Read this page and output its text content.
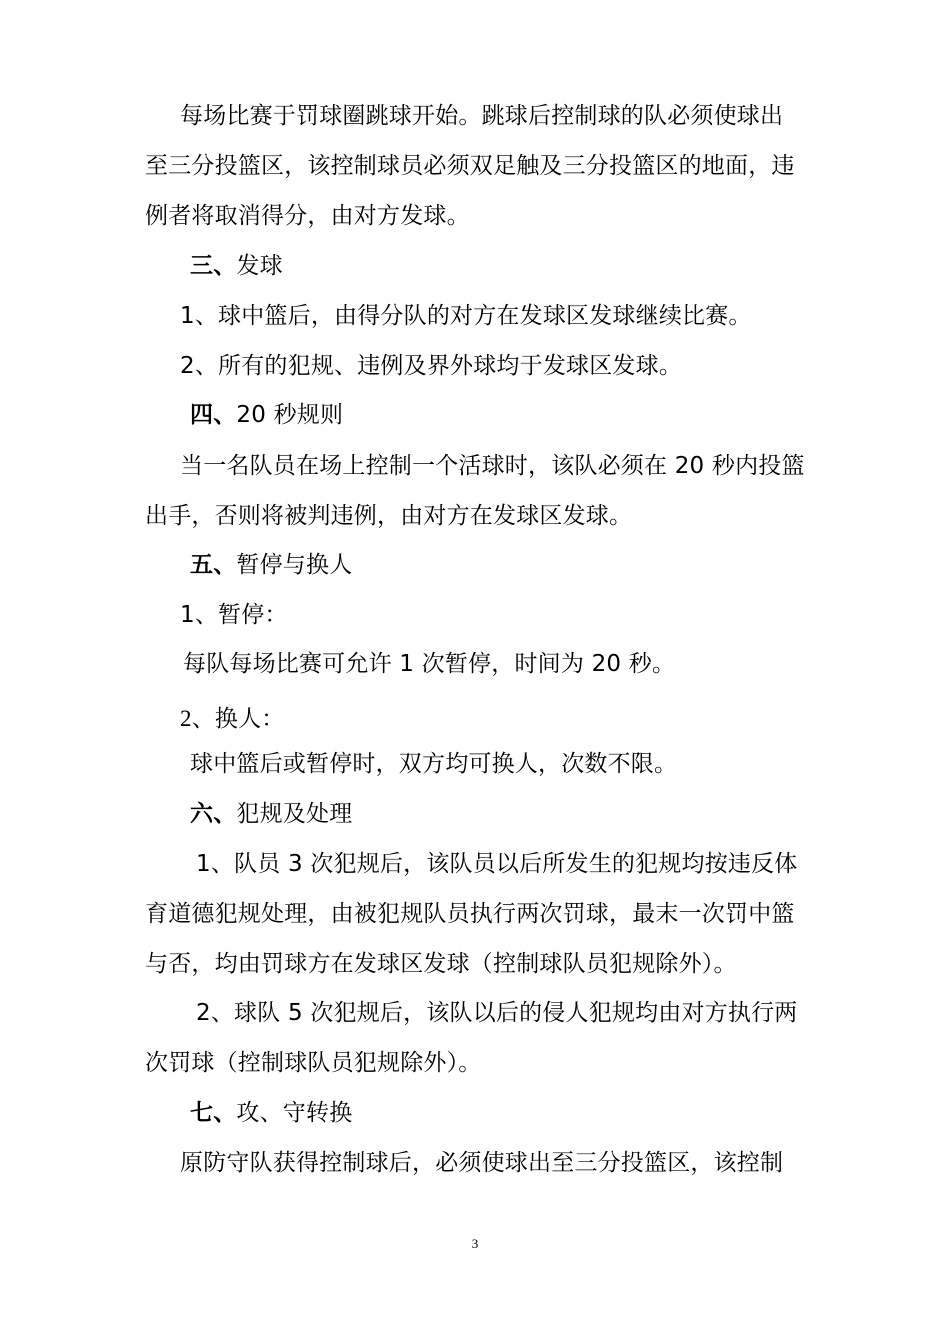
每场比赛于罚球圈跳球开始。跳球后控制球的队必须使球出
至三分投篮区，该控制球员必须双足触及三分投篮区的地面，违
例者将取消得分，由对方发球。
三、发球
1、球中篮后，由得分队的对方在发球区发球继续比赛。
2、所有的犯规、违例及界外球均于发球区发球。
四、20 秒规则
当一名队员在场上控制一个活球时，该队必须在 20 秒内投篮
出手，否则将被判违例，由对方在发球区发球。
五、暂停与换人
1、暂停：
每队每场比赛可允许 1 次暂停，时间为 20 秒。
2、换人：
球中篮后或暂停时，双方均可换人，次数不限。
六、犯规及处理
1、队员 3 次犯规后，该队员以后所发生的犯规均按违反体
育道德犯规处理，由被犯规队员执行两次罚球，最末一次罚中篮
与否，均由罚球方在发球区发球（控制球队员犯规除外）。
2、球队 5 次犯规后，该队以后的侵人犯规均由对方执行两
次罚球（控制球队员犯规除外）。
七、攻、守转换
原防守队获得控制球后，必须使球出至三分投篮区，该控制
3
